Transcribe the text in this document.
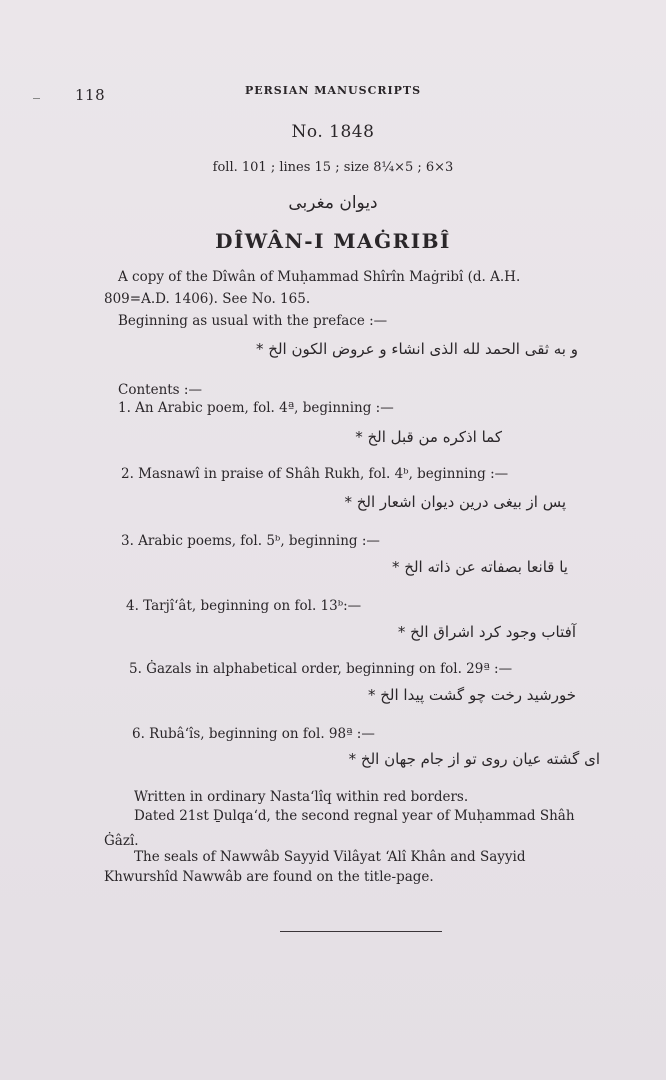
118	PERSIAN MANUSCRIPTS
No. 1848
foll. 101 ; lines 15 ; size 8¼×5 ; 6×3
دیوان مغربی
DÎWÂN-I MAĠRIBÎ
A copy of the Dîwân of Muḥammad Shîrîn Maġribî (d. A.H.
809=A.D. 1406). See No. 165.
Beginning as usual with the preface :—
و به ثقی الحمد لله الذی انشاء و عروض الکون الخ *
Contents :—
1. An Arabic poem, fol. 4ª, beginning :—
کما اذکره من قبل الخ *
2. Masnawî in praise of Shâh Rukh, fol. 4ᵇ, beginning :—
پس از بیغی درین دیوان اشعار الخ *
3. Arabic poems, fol. 5ᵇ, beginning :—
یا قانعا بصفاته عن ذاته الخ *
4. Tarjî‘ât, beginning on fol. 13ᵇ:—
آفتاب وجود کرد اشراق الخ *
5. Ġazals in alphabetical order, beginning on fol. 29ª :—
خورشید رخت چو گشت پیدا الخ *
6. Rubâ‘îs, beginning on fol. 98ª :—
ای گشته عیان روی تو از جام جهان الخ *
Written in ordinary Nasta‘lîq within red borders.
Dated 21st Ḏulqa‘d, the second regnal year of Muḥammad Shâh
Ġâzî.
The seals of Nawwâb Sayyid Vilâyat ‘Alî Khân and Sayyid
Khwurshîd Nawwâb are found on the title-page.
